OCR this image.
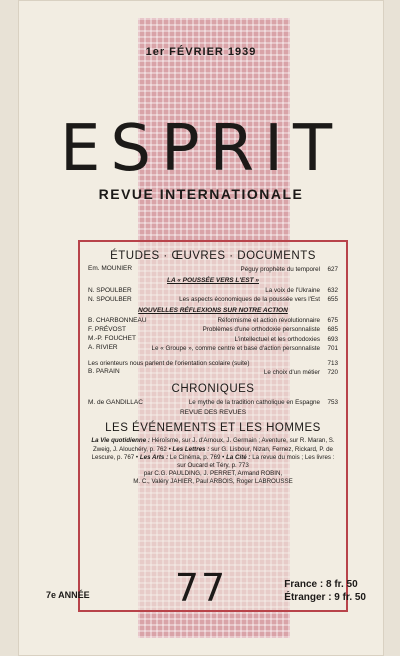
1er FÉVRIER 1939
ESPRIT
REVUE INTERNATIONALE
ÉTUDES · ŒUVRES · DOCUMENTS
Em. MOUNIER	Péguy prophète du temporel	627
LA « POUSSÉE VERS L'EST »
N. SPOULBER	La voix de l'Ukraine	632
N. SPOULBER	Les aspects économiques de la poussée vers l'Est	655
NOUVELLES RÉFLEXIONS SUR NOTRE ACTION
B. CHARBONNEAU	Réformisme et action révolutionnaire	675
F. PRÉVOST	Problèmes d'une orthodoxie personnaliste	685
M.-P. FOUCHET	L'intellectuel et les orthodoxies	693
A. RIVIER	Le « Groupe », comme centre et base d'action personnaliste	701
Les orienteurs nous parlent de l'orientation scolaire (suite)	713
B. PARAIN	Le choix d'un métier	720
CHRONIQUES
M. de GANDILLAC	Le mythe de la tradition catholique en Espagne	753
REVUE DES REVUES
LES ÉVÉNEMENTS ET LES HOMMES
La Vie quotidienne : Héroïsme, sur J. d'Arnoux, J. Germain ; Aventure, sur R. Maran, S. Zweig, J. Alouchéry, p. 762 • Les Lettres : sur G. Lisbour, Nizan, Fernez, Rickard, P. de Lescure, p. 767 • Les Arts : Le Cinéma, p. 769 • La Cité : La revue du mois ; Les livres : sur Oucard et Téry, p. 773
par C.G. PAULDING, J. PERRET, Armand ROBIN,
M. C., Valéry JAHIER, Paul ARBOIS, Roger LABROUSSE
7e ANNÉE	77	France : 8 fr. 50
Étranger : 9 fr. 50
